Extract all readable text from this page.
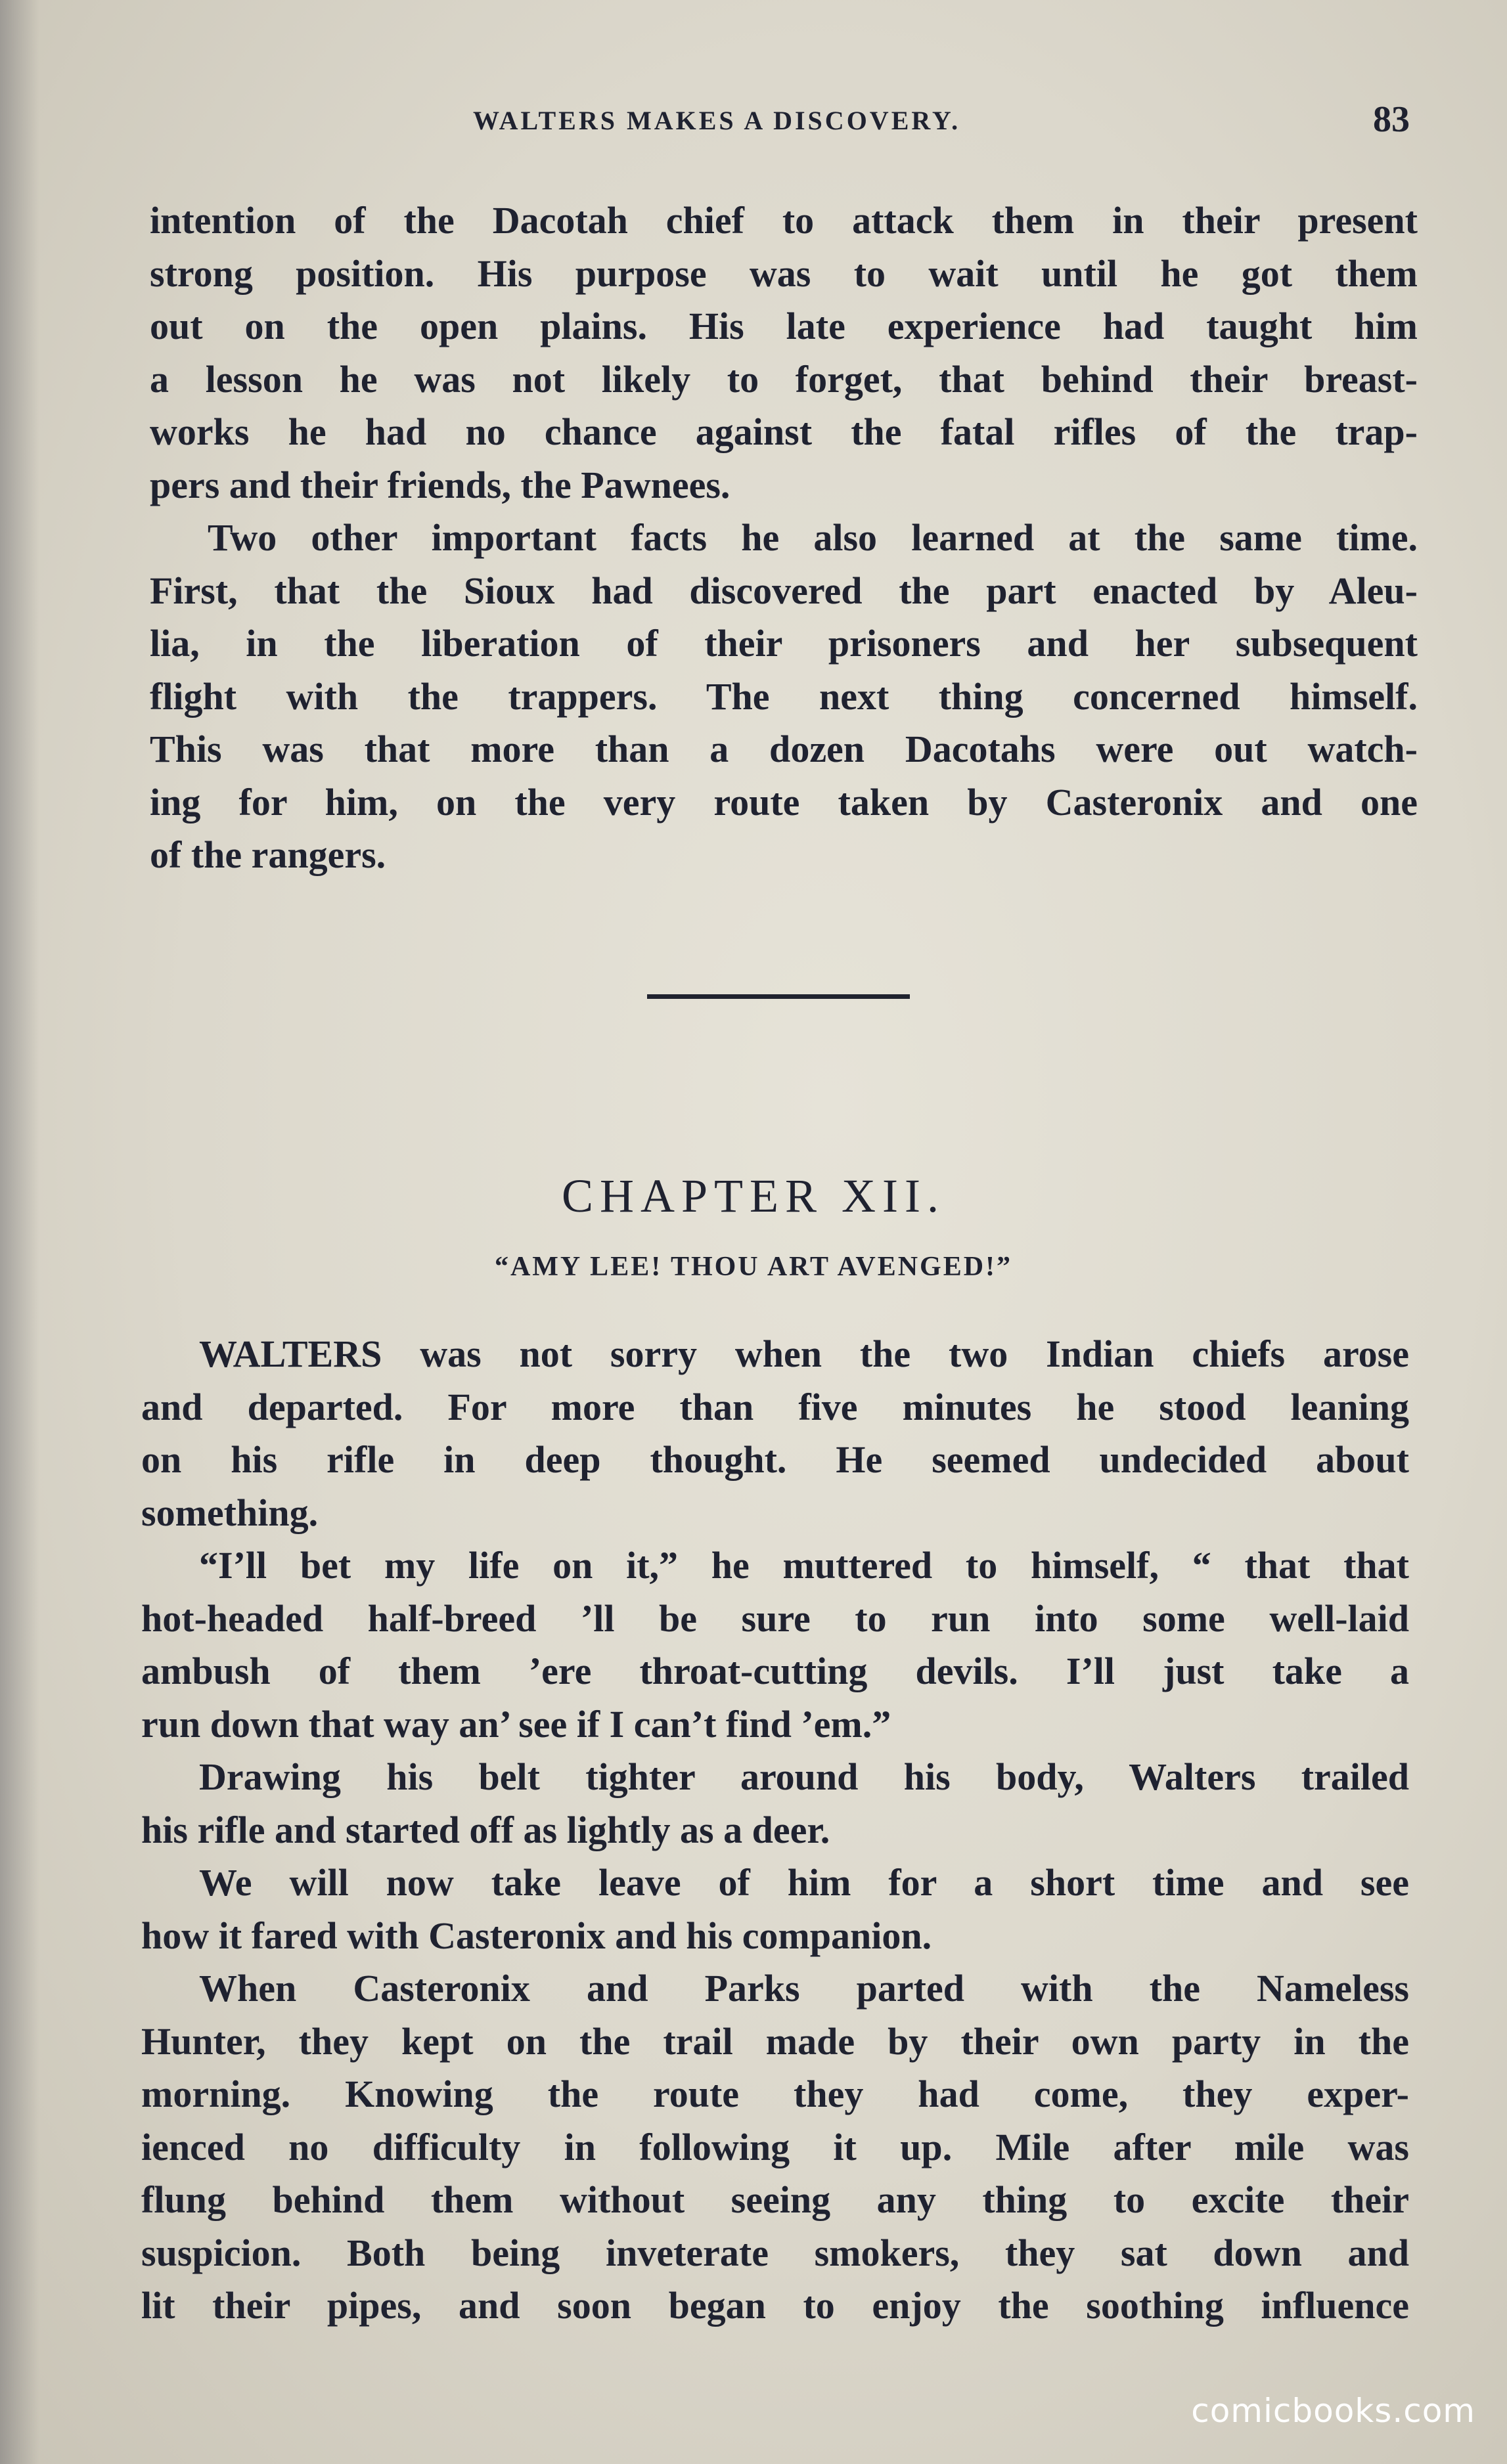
WALTERS MAKES A DISCOVERY.	83
intention of the Dacotah chief to attack them in their present
strong position. His purpose was to wait until he got them
out on the open plains. His late experience had taught him
a lesson he was not likely to forget, that behind their breast-
works he had no chance against the fatal rifles of the trap-
pers and their friends, the Pawnees.
Two other important facts he also learned at the same time.
First, that the Sioux had discovered the part enacted by Aleu-
lia, in the liberation of their prisoners and her subsequent
flight with the trappers. The next thing concerned himself.
This was that more than a dozen Dacotahs were out watch-
ing for him, on the very route taken by Casteronix and one
of the rangers.
CHAPTER XII.
“AMY LEE! THOU ART AVENGED!”
WALTERS was not sorry when the two Indian chiefs arose
and departed. For more than five minutes he stood leaning
on his rifle in deep thought. He seemed undecided about
something.
“I’ll bet my life on it,” he muttered to himself, “ that that
hot-headed half-breed ’ll be sure to run into some well-laid
ambush of them ’ere throat-cutting devils. I’ll just take a
run down that way an’ see if I can’t find ’em.”
Drawing his belt tighter around his body, Walters trailed
his rifle and started off as lightly as a deer.
We will now take leave of him for a short time and see
how it fared with Casteronix and his companion.
When Casteronix and Parks parted with the Nameless
Hunter, they kept on the trail made by their own party in the
morning. Knowing the route they had come, they exper-
ienced no difficulty in following it up. Mile after mile was
flung behind them without seeing any thing to excite their
suspicion. Both being inveterate smokers, they sat down and
lit their pipes, and soon began to enjoy the soothing influence
comicbooks.com
